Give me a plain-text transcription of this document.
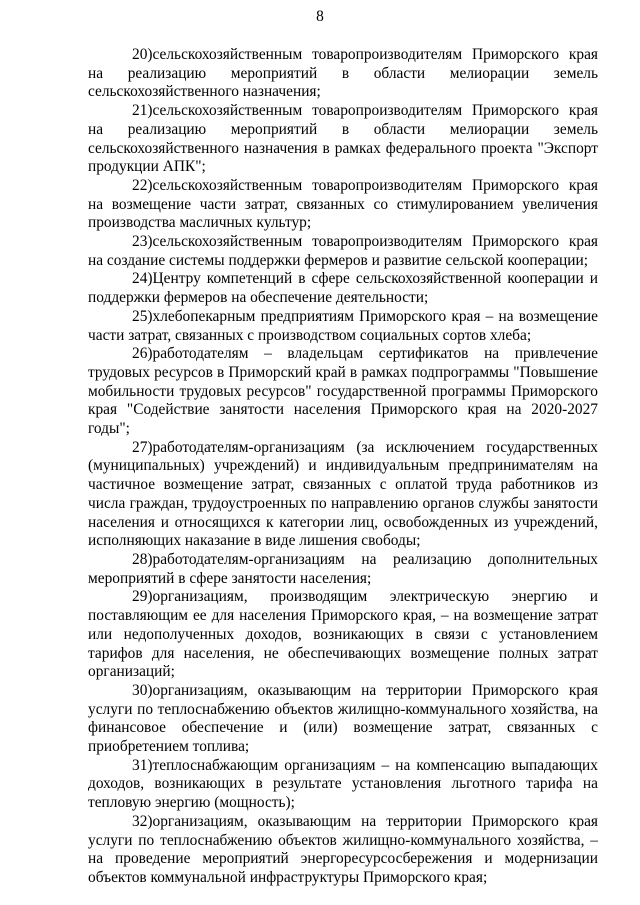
8

20)сельскохозяйственным товаропроизводителям Приморского края на реализацию мероприятий в области мелиорации земель сельскохозяйственного назначения;

21)сельскохозяйственным товаропроизводителям Приморского края на реализацию мероприятий в области мелиорации земель сельскохозяйственного назначения в рамках федерального проекта "Экспорт продукции АПК";

22)сельскохозяйственным товаропроизводителям Приморского края на возмещение части затрат, связанных со стимулированием увеличения производства масличных культур;

23)сельскохозяйственным товаропроизводителям Приморского края на создание системы поддержки фермеров и развитие сельской кооперации;

24)Центру компетенций в сфере сельскохозяйственной кооперации и поддержки фермеров на обеспечение деятельности;

25)хлебопекарным предприятиям Приморского края – на возмещение части затрат, связанных с производством социальных сортов хлеба;

26)работодателям – владельцам сертификатов на привлечение трудовых ресурсов в Приморский край в рамках подпрограммы "Повышение мобильности трудовых ресурсов" государственной программы Приморского края "Содействие занятости населения Приморского края на 2020-2027 годы";

27)работодателям-организациям (за исключением государственных (муниципальных) учреждений) и индивидуальным предпринимателям на частичное возмещение затрат, связанных с оплатой труда работников из числа граждан, трудоустроенных по направлению органов службы занятости населения и относящихся к категории лиц, освобожденных из учреждений, исполняющих наказание в виде лишения свободы;

28)работодателям-организациям на реализацию дополнительных мероприятий в сфере занятости населения;

29)организациям, производящим электрическую энергию и поставляющим ее для населения Приморского края, – на возмещение затрат или недополученных доходов, возникающих в связи с установлением тарифов для населения, не обеспечивающих возмещение полных затрат организаций;

30)организациям, оказывающим на территории Приморского края услуги по теплоснабжению объектов жилищно-коммунального хозяйства, на финансовое обеспечение и (или) возмещение затрат, связанных с приобретением топлива;

31)теплоснабжающим организациям – на компенсацию выпадающих доходов, возникающих в результате установления льготного тарифа на тепловую энергию (мощность);

32)организациям, оказывающим на территории Приморского края услуги по теплоснабжению объектов жилищно-коммунального хозяйства, – на проведение мероприятий энергоресурсосбережения и модернизации объектов коммунальной инфраструктуры Приморского края;
